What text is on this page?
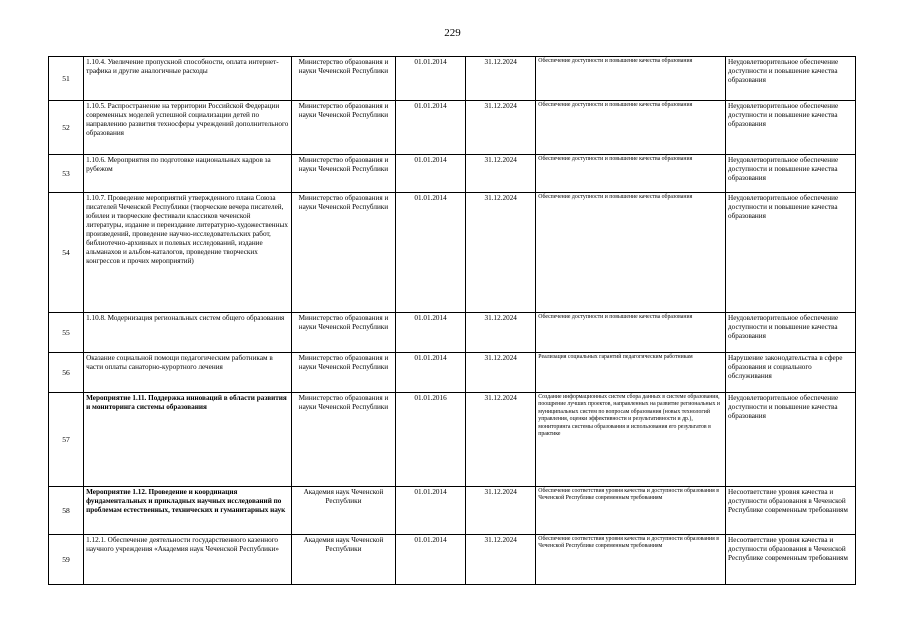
229
51	1.10.4. Увеличение пропускной способности, оплата интернет-трафика и другие аналогичные расходы	Министерство образования и науки Чеченской Республики	01.01.2014	31.12.2024	Обеспечение доступности и повышение качества образования	Неудовлетворительное обеспечение доступности и повышение качества образования
52	1.10.5. Распространение на территории Российской Федерации современных моделей успешной социализации детей по направлению развития техносферы учреждений дополнительного образования	Министерство образования и науки Чеченской Республики	01.01.2014	31.12.2024	Обеспечение доступности и повышение качества образования	Неудовлетворительное обеспечение доступности и повышение качества образования
53	1.10.6. Мероприятия по подготовке национальных кадров за рубежом	Министерство образования и науки Чеченской Республики	01.01.2014	31.12.2024	Обеспечение доступности и повышение качества образования	Неудовлетворительное обеспечение доступности и повышение качества образования
54	1.10.7. Проведение мероприятий утвержденного плана Союза писателей Чеченской Республики (творческие вечера писателей, юбилеи и творческие фестивали классиков чеченской литературы, издание и переиздание литературно-художественных произведений, проведение научно-исследовательских работ, библиотечно-архивных и полевых исследований, издание альманахов и альбом-каталогов, проведение творческих конгрессов и прочих мероприятий)	Министерство образования и науки Чеченской Республики	01.01.2014	31.12.2024	Обеспечение доступности и повышение качества образования	Неудовлетворительное обеспечение доступности и повышение качества образования
55	1.10.8. Модернизация региональных систем общего образования	Министерство образования и науки Чеченской Республики	01.01.2014	31.12.2024	Обеспечение доступности и повышение качества образования	Неудовлетворительное обеспечение доступности и повышение качества образования
56	Оказание социальной помощи педагогическим работникам в части оплаты санаторно-курортного лечения	Министерство образования и науки Чеченской Республики	01.01.2014	31.12.2024	Реализация социальных гарантий педагогическим работникам	Нарушение законодательства в сфере образования и социального обслуживания
57	Мероприятие 1.11. Поддержка инноваций в области развития и мониторинга системы образования	Министерство образования и науки Чеченской Республики	01.01.2016	31.12.2024	Создание информационных систем сбора данных в системе образования, поощрение лучших проектов, направленных на развитие региональных и муниципальных систем по вопросам образования (новых технологий управления, оценки эффективности и результативности и др.), мониторинга системы образования и использования его результатов в практике	Неудовлетворительное обеспечение доступности и повышение качества образования
58	Мероприятие 1.12. Проведение и координация фундаментальных и прикладных научных исследований по проблемам естественных, технических и гуманитарных наук	Академия наук Чеченской Республики	01.01.2014	31.12.2024	Обеспечение соответствия уровня качества и доступности образования в Чеченской Республике современным требованиям	Несоответствие уровня качества и доступности образования в Чеченской Республике современным требованиям
59	1.12.1. Обеспечение деятельности государственного казенного научного учреждения «Академия наук Чеченской Республики»	Академия наук Чеченской Республики	01.01.2014	31.12.2024	Обеспечение соответствия уровня качества и доступности образования в Чеченской Республике современным требованиям	Несоответствие уровня качества и доступности образования в Чеченской Республике современным требованиям
